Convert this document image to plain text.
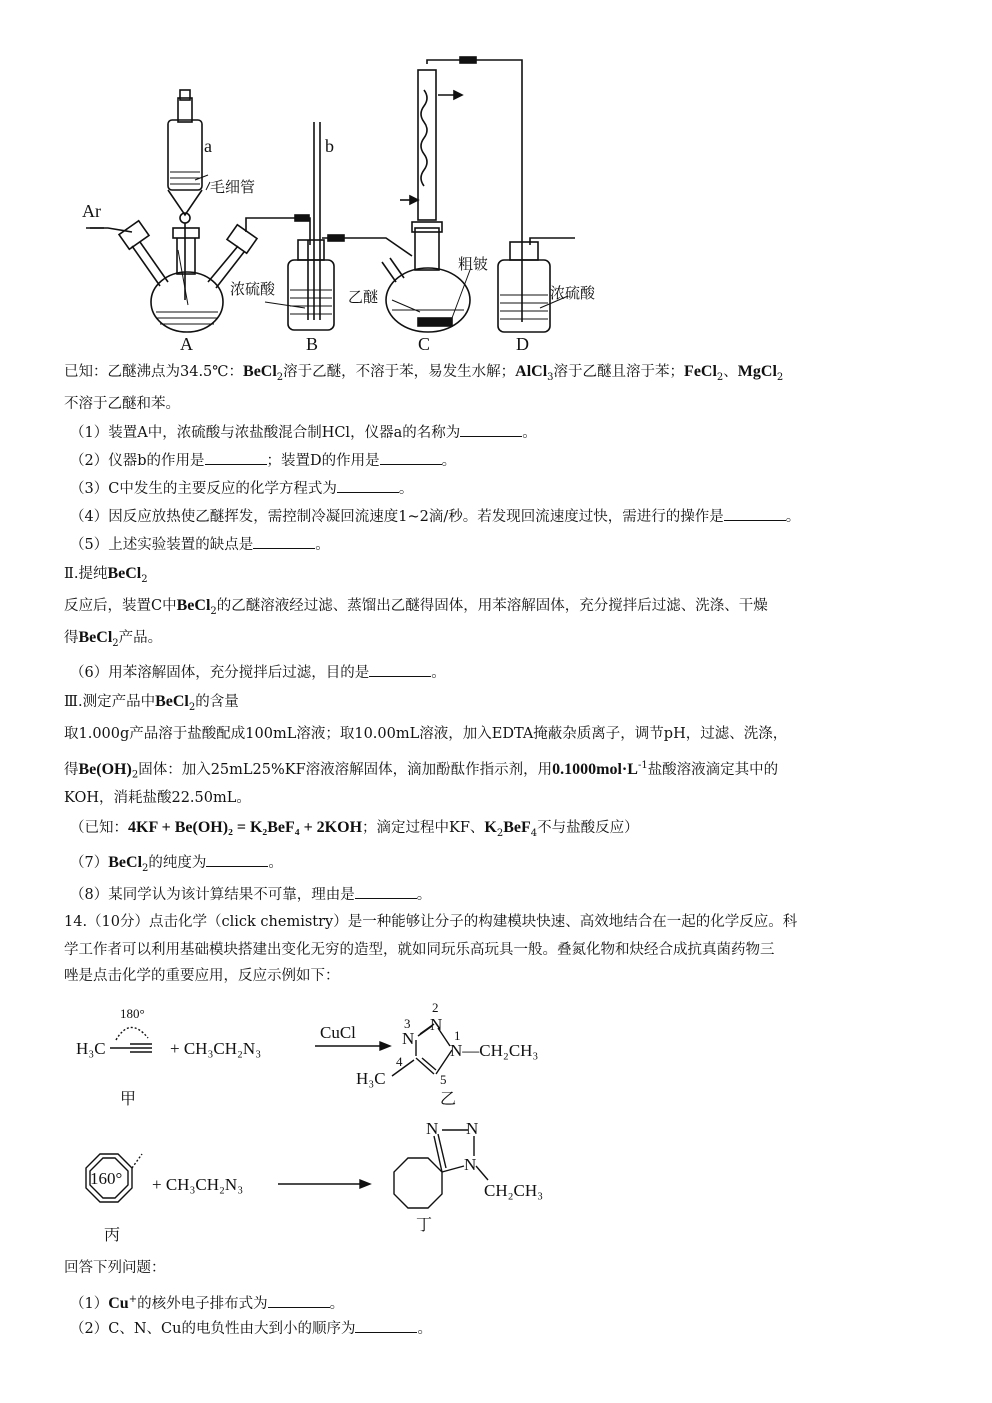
Ar
a	b
毛细管
浓硫酸	乙醚
粗铍
浓硫酸
A	B	C	D
已知：乙醚沸点为34.5℃：BeCl$_2$溶于乙醚，不溶于苯，易发生水解；AlCl$_3$溶于乙醚且溶于苯；FeCl$_2$、MgCl$_2$
不溶于乙醚和苯。
（1）装置A中，浓硫酸与浓盐酸混合制HCl，仪器a的名称为	。
（2）仪器b的作用是	；装置D的作用是	。
（3）C中发生的主要反应的化学方程式为	。
（4）因反应放热使乙醚挥发，需控制冷凝回流速度1~2滴/秒。若发现回流速度过快，需进行的操作是	。
（5）上述实验装置的缺点是	。
Ⅱ.提纯BeCl$_2$
反应后，装置C中BeCl$_2$的乙醚溶液经过滤、蒸馏出乙醚得固体，用苯溶解固体，充分搅拌后过滤、洗涤、干燥
得BeCl$_2$产品。
（6）用苯溶解固体，充分搅拌后过滤，目的是	。
Ⅲ.测定产品中BeCl$_2$的含量
取1.000g产品溶于盐酸配成100mL溶液；取10.00mL溶液，加入EDTA掩蔽杂质离子，调节pH，过滤、洗涤，
得$Be(OH)_2$固体：加入25mL25%KF溶液溶解固体，滴加酚酞作指示剂，用$0.1000mol\cdot L^{-1}$盐酸溶液滴定其中的
KOH，消耗盐酸22.50mL。
（已知：4KF + Be(OH)₂ = K₂BeF₄ + 2KOH；滴定过程中KF、$K_2BeF_4$不与盐酸反应）
（7）BeCl$_2$的纯度为	。
（8）某同学认为该计算结果不可靠，理由是	。
14.（10分）点击化学（click chemistry）是一种能够让分子的构建模块快速、高效地结合在一起的化学反应。科
学工作者可以利用基础模块搭建出变化无穷的造型，就如同玩乐高玩具一般。叠氮化物和炔经合成抗真菌药物三
唑是点击化学的重要应用，反应示例如下：
180°
H₃C	+ CH₃CH₂N₃
CuCl	N
N
N—CH₂CH₃
3
2
1
4
5
H₃C
甲	乙
160° + CH₃CH₂N₃
N N
N
CH₂CH₃
丙
丁
回答下列问题：
（1）Cu+的核外电子排布式为	。
（2）C、N、Cu的电负性由大到小的顺序为	。
